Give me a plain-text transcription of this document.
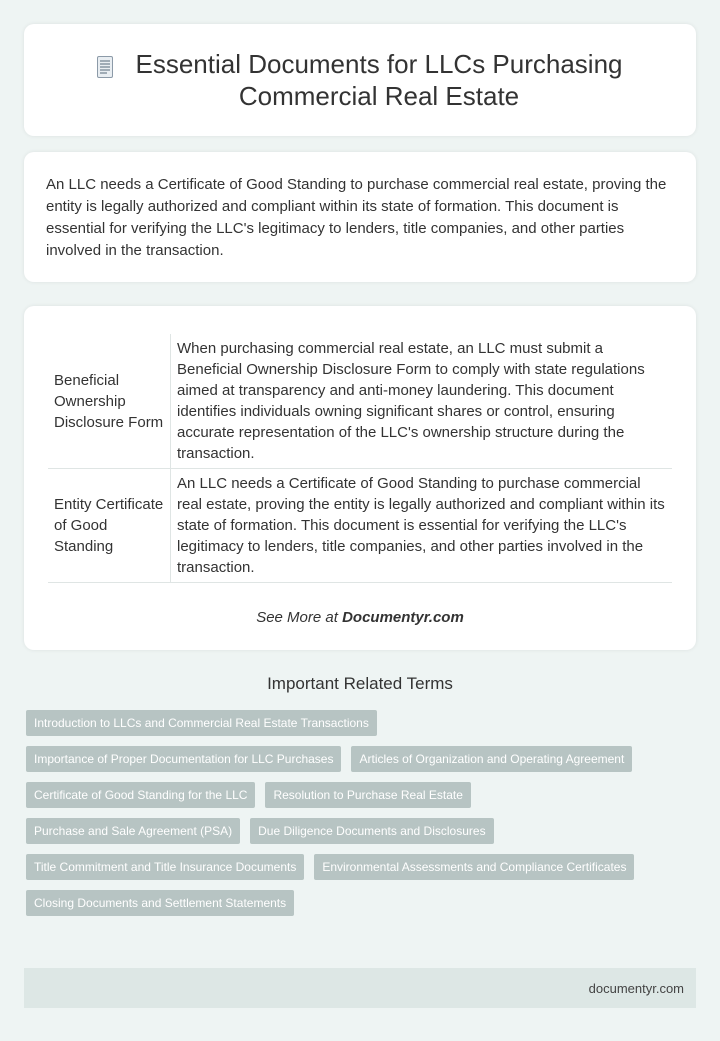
Essential Documents for LLCs Purchasing
Commercial Real Estate
An LLC needs a Certificate of Good Standing to purchase commercial real estate, proving the entity is legally authorized and compliant within its state of formation. This document is essential for verifying the LLC's legitimacy to lenders, title companies, and other parties involved in the transaction.
Beneficial Ownership Disclosure Form	When purchasing commercial real estate, an LLC must submit a Beneficial Ownership Disclosure Form to comply with state regulations aimed at transparency and anti-money laundering. This document identifies individuals owning significant shares or control, ensuring accurate representation of the LLC's ownership structure during the transaction.
Entity Certificate of Good Standing	An LLC needs a Certificate of Good Standing to purchase commercial real estate, proving the entity is legally authorized and compliant within its state of formation. This document is essential for verifying the LLC's legitimacy to lenders, title companies, and other parties involved in the transaction.
See More at Documentyr.com
Important Related Terms
Introduction to LLCs and Commercial Real Estate Transactions
Importance of Proper Documentation for LLC Purchases	Articles of Organization and Operating Agreement
Certificate of Good Standing for the LLC	Resolution to Purchase Real Estate
Purchase and Sale Agreement (PSA)	Due Diligence Documents and Disclosures
Title Commitment and Title Insurance Documents	Environmental Assessments and Compliance Certificates
Closing Documents and Settlement Statements
documentyr.com
